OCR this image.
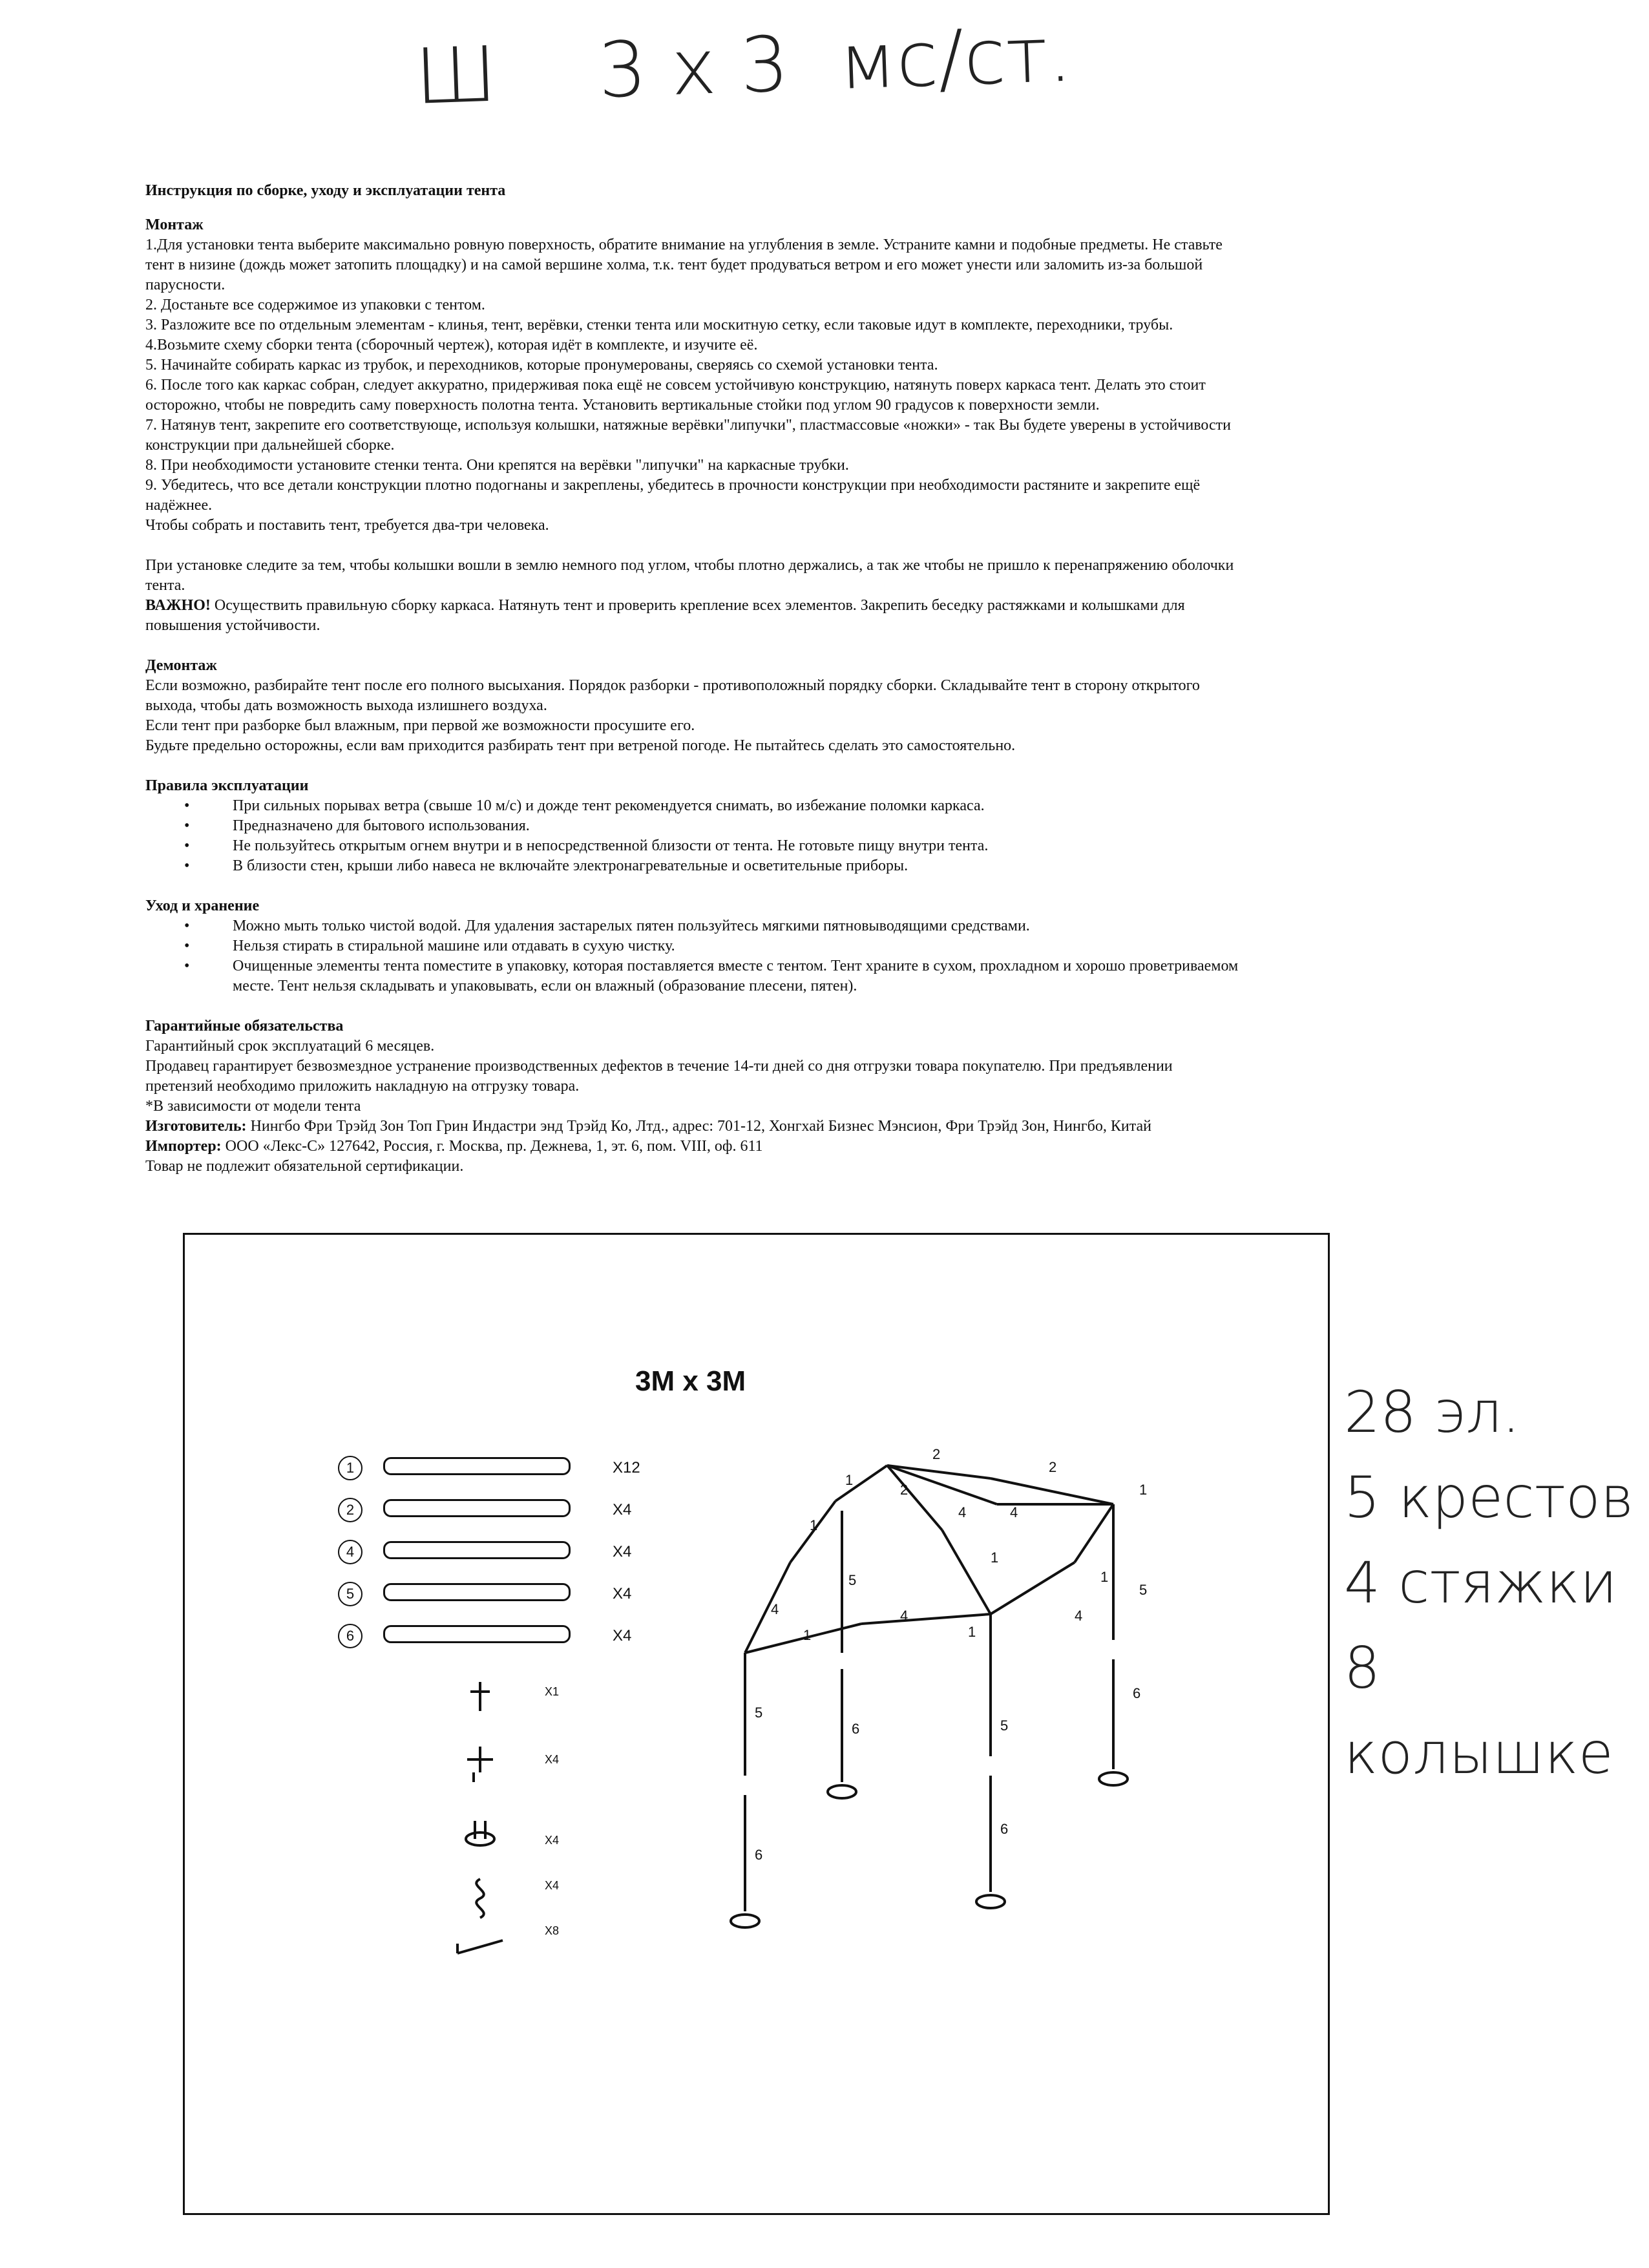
Ш 3 x 3 мс/ст.

Инструкция по сборке, уходу и эксплуатации тента

Монтаж

1.Для установки тента выберите максимально ровную поверхность, обратите внимание на углубления в земле. Устраните камни и подобные предметы. Не ставьте

тент в низине (дождь может затопить площадку) и на самой вершине холма, т.к. тент будет продуваться ветром и его может унести или заломить из-за большой

парусности.

2. Достаньте все содержимое из упаковки с тентом.

3. Разложите все по отдельным элементам - клинья, тент, верёвки, стенки тента или москитную сетку, если таковые идут в комплекте, переходники, трубы.

4.Возьмите схему сборки тента (сборочный чертеж), которая идёт в комплекте, и изучите её.

5. Начинайте собирать каркас из трубок, и переходников, которые пронумерованы, сверяясь со схемой установки тента.

6. После того как каркас собран, следует аккуратно, придерживая пока ещё не совсем устойчивую конструкцию, натянуть поверх каркаса тент. Делать это стоит

осторожно, чтобы не повредить саму поверхность полотна тента. Установить вертикальные стойки под углом 90 градусов к поверхности земли.

7. Натянув тент, закрепите его соответствующе, используя колышки, натяжные верёвки"липучки", пластмассовые «ножки» - так Вы будете уверены в устойчивости

конструкции при дальнейшей сборке.

8. При необходимости установите стенки тента. Они крепятся на верёвки "липучки" на каркасные трубки.

9. Убедитесь, что все детали конструкции плотно подогнаны и закреплены, убедитесь в прочности конструкции при необходимости растяните и закрепите ещё

надёжнее.

Чтобы собрать и поставить тент, требуется два-три человека.

При установке следите за тем, чтобы колышки вошли в землю немного под углом, чтобы плотно держались, а так же чтобы не пришло к перенапряжению оболочки

тента.

ВАЖНО! Осуществить правильную сборку каркаса. Натянуть тент и проверить крепление всех элементов. Закрепить беседку растяжками и колышками для

повышения устойчивости.

Демонтаж

Если возможно, разбирайте тент после его полного высыхания. Порядок разборки - противоположный порядку сборки. Складывайте тент в сторону открытого

выхода, чтобы дать возможность выхода излишнего воздуха.

Если тент при разборке был влажным, при первой же возможности просушите его.

Будьте предельно осторожны, если вам приходится разбирать тент при ветреной погоде. Не пытайтесь сделать это самостоятельно.

Правила эксплуатации

• При сильных порывах ветра (свыше 10 м/с) и дожде тент рекомендуется снимать, во избежание поломки каркаса.
• Предназначено для бытового использования.
• Не пользуйтесь открытым огнем внутри и в непосредственной близости от тента. Не готовьте пищу внутри тента.
• В близости стен, крыши либо навеса не включайте электронагревательные и осветительные приборы.

Уход и хранение

• Можно мыть только чистой водой. Для удаления застарелых пятен пользуйтесь мягкими пятновыводящими средствами.
• Нельзя стирать в стиральной машине или отдавать в сухую чистку.
• Очищенные элементы тента поместите в упаковку, которая поставляется вместе с тентом. Тент храните в сухом, прохладном и хорошо проветриваемом

месте. Тент нельзя складывать и упаковывать, если он влажный (образование плесени, пятен).

Гарантийные обязательства

Гарантийный срок эксплуатаций 6 месяцев.

Продавец гарантирует безвозмездное устранение производственных дефектов в течение 14-ти дней со дня отгрузки товара покупателю. При предъявлении

претензий необходимо приложить накладную на отгрузку товара.

*В зависимости от модели тента

Изготовитель: Нингбо Фри Трэйд Зон Топ Грин Индастри энд Трэйд Ко, Лтд., адрес: 701-12, Хонгхай Бизнес Мэнсион, Фри Трэйд Зон, Нингбо, Китай

Импортер: ООО «Лекс-С» 127642, Россия, г. Москва, пр. Дежнева, 1, эт. 6, пом. VIII, оф. 611

Товар не подлежит обязательной сертификации.

3M x 3M
1	X12
2	X4
4	X4
5	X4
6	X4
X1
X4
X4
X4
X8
2
2
2	1
1
4	4
1
5
5
4
1
1
4
1	1
6
5
6	5
6
6
4
28 эл.
5 крестов
4 стяжки
8 колышке
